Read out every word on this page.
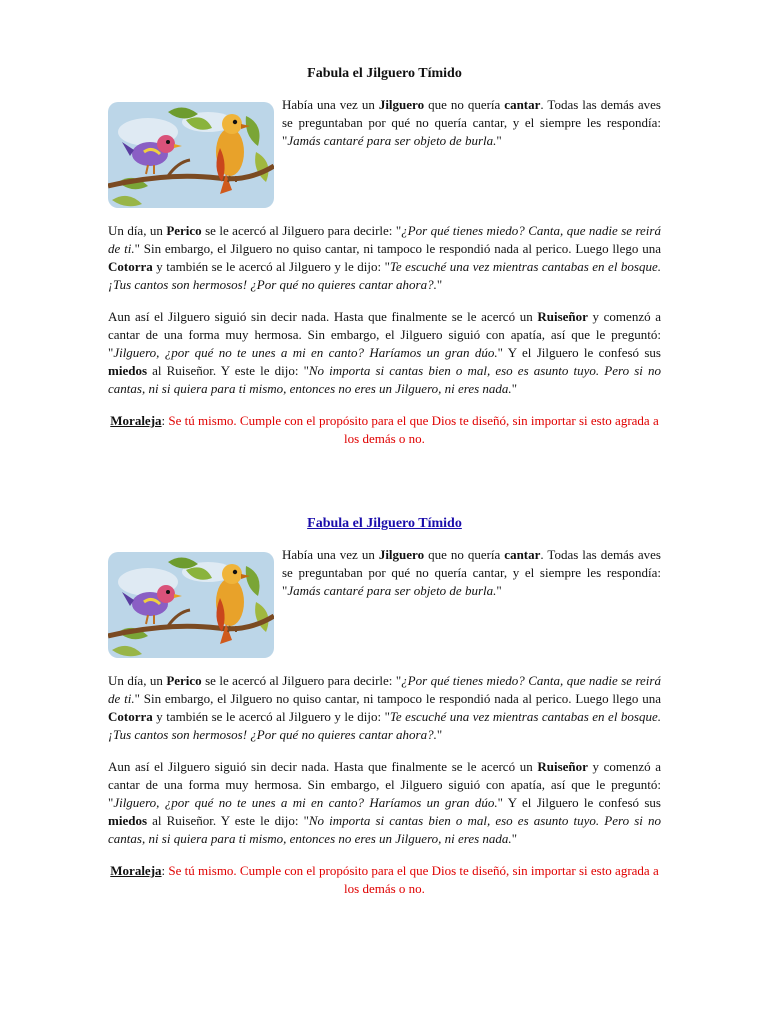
Fabula el Jilguero Tímido

Había una vez un Jilguero que no quería cantar. Todas las demás aves se preguntaban por qué no quería cantar, y el siempre les respondía: "Jamás cantaré para ser objeto de burla."

Un día, un Perico se le acercó al Jilguero para decirle: "¿Por qué tienes miedo? Canta, que nadie se reirá de ti." Sin embargo, el Jilguero no quiso cantar, ni tampoco le respondió nada al perico. Luego llego una Cotorra y también se le acercó al Jilguero y le dijo: "Te escuché una vez mientras cantabas en el bosque. ¡Tus cantos son hermosos! ¿Por qué no quieres cantar ahora?."

Aun así el Jilguero siguió sin decir nada. Hasta que finalmente se le acercó un Ruiseñor y comenzó a cantar de una forma muy hermosa. Sin embargo, el Jilguero siguió con apatía, así que le preguntó: "Jilguero, ¿por qué no te unes a mi en canto? Haríamos un gran dúo." Y el Jilguero le confesó sus miedos al Ruiseñor. Y este le dijo: "No importa si cantas bien o mal, eso es asunto tuyo. Pero si no cantas, ni si quiera para ti mismo, entonces no eres un Jilguero, ni eres nada."

Moraleja: Se tú mismo. Cumple con el propósito para el que Dios te diseñó, sin importar si esto agrada a los demás o no.

Fabula el Jilguero Tímido

Había una vez un Jilguero que no quería cantar. Todas las demás aves se preguntaban por qué no quería cantar, y el siempre les respondía: "Jamás cantaré para ser objeto de burla."

Un día, un Perico se le acercó al Jilguero para decirle: "¿Por qué tienes miedo? Canta, que nadie se reirá de ti." Sin embargo, el Jilguero no quiso cantar, ni tampoco le respondió nada al perico. Luego llego una Cotorra y también se le acercó al Jilguero y le dijo: "Te escuché una vez mientras cantabas en el bosque. ¡Tus cantos son hermosos! ¿Por qué no quieres cantar ahora?."

Aun así el Jilguero siguió sin decir nada. Hasta que finalmente se le acercó un Ruiseñor y comenzó a cantar de una forma muy hermosa. Sin embargo, el Jilguero siguió con apatía, así que le preguntó: "Jilguero, ¿por qué no te unes a mi en canto? Haríamos un gran dúo." Y el Jilguero le confesó sus miedos al Ruiseñor. Y este le dijo: "No importa si cantas bien o mal, eso es asunto tuyo. Pero si no cantas, ni si quiera para ti mismo, entonces no eres un Jilguero, ni eres nada."

Moraleja: Se tú mismo. Cumple con el propósito para el que Dios te diseñó, sin importar si esto agrada a los demás o no.
